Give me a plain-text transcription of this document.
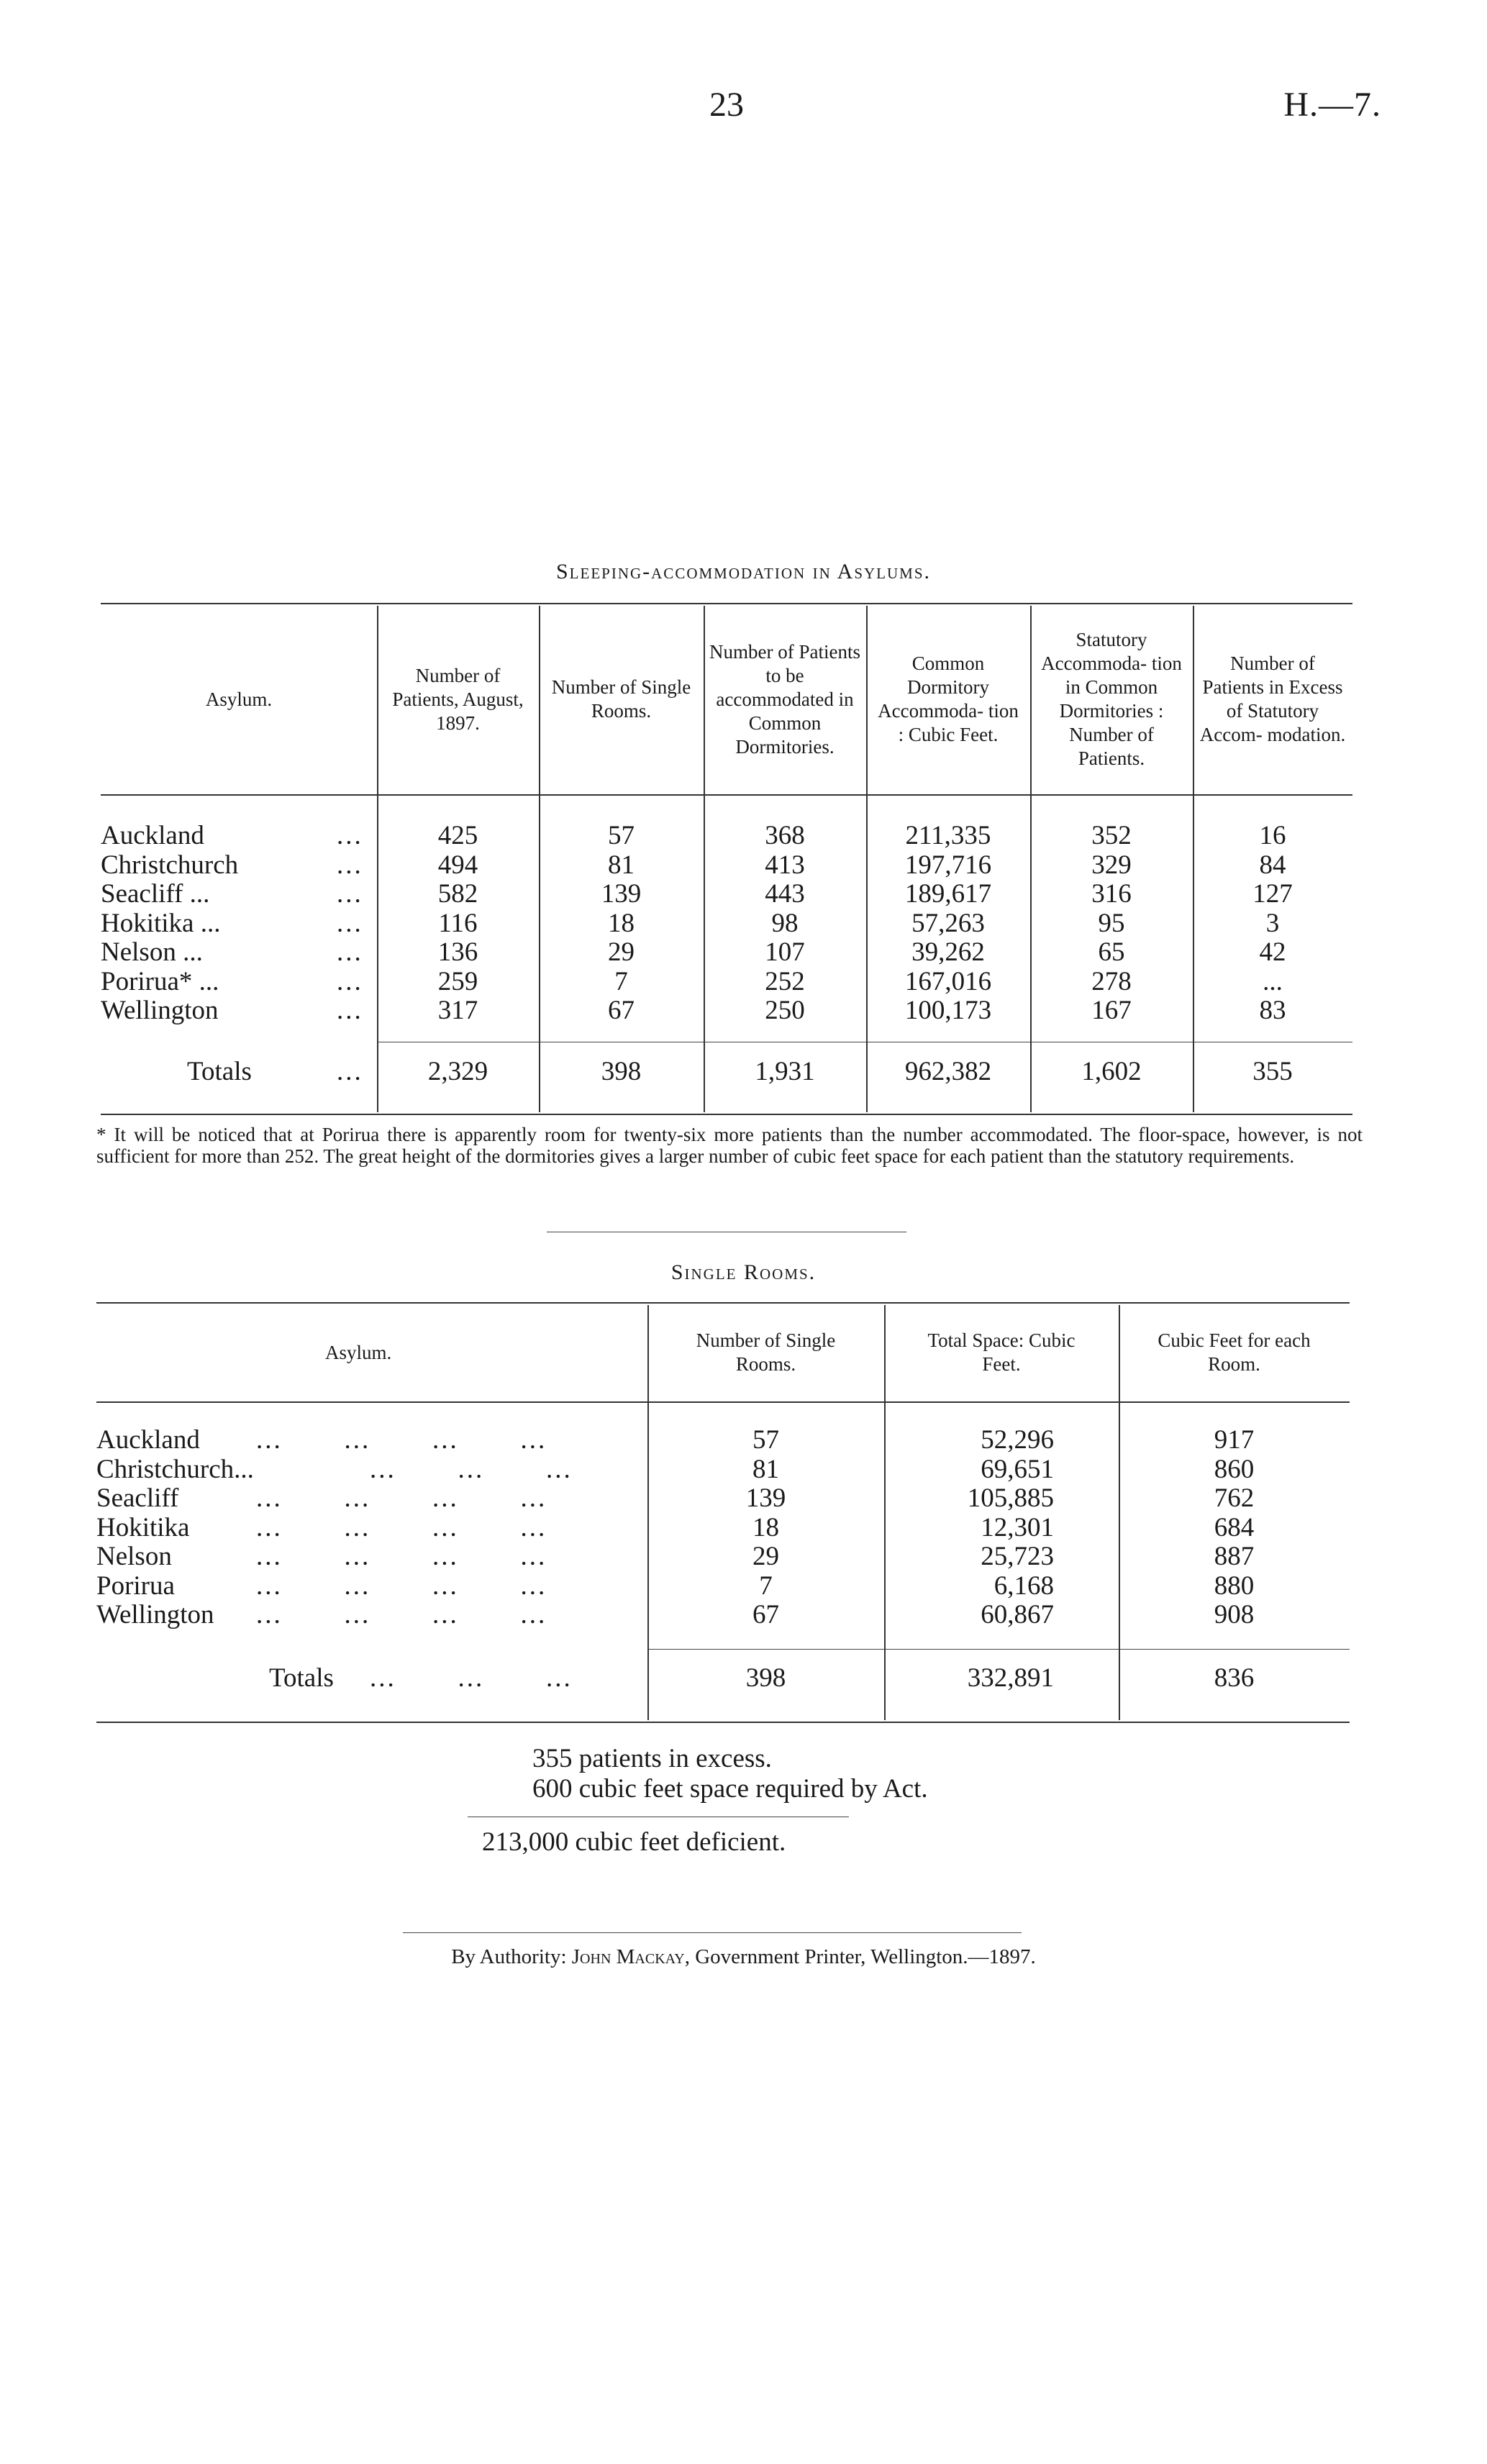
23	H.—7.
Sleeping-accommodation in Asylums.
Asylum.	Number of Patients, August, 1897.	Number of Single Rooms.	Number of Patients to be accommodated in Common Dormitories.	Common Dormitory Accommoda- tion : Cubic Feet.	Statutory Accommoda- tion in Common Dormitories : Number of Patients.	Number of Patients in Excess of Statutory Accom- modation.
Auckland ...	425	57	368	211,335	352	16
Christchurch ...	494	81	413	197,716	329	84
Seacliff ... ...	582	139	443	189,617	316	127
Hokitika ... ...	116	18	98	57,263	95	3
Nelson ... ...	136	29	107	39,262	65	42
Porirua* ... ...	259	7	252	167,016	278	...
Wellington ...	317	67	250	100,173	167	83
Totals	...	2,329	398	1,931	962,382	1,602	355
* It will be noticed that at Porirua there is apparently room for twenty-six more patients than the number accommodated. The floor-space, however, is not sufficient for more than 252. The great height of the dormitories gives a larger number of cubic feet space for each patient than the statutory requirements.
Single Rooms.
Asylum.	Number of Single Rooms.	Total Space: Cubic Feet.	Cubic Feet for each Room.
Auckland ...       ...       ...       ...	57	52,296	917
Christchurch... ...       ...       ...	81	69,651	860
Seacliff ...       ...       ...       ...	139	105,885	762
Hokitika ...       ...       ...       ...	18	12,301	684
Nelson ...       ...       ...       ...	29	25,723	887
Porirua ...       ...       ...       ...	7	6,168	880
Wellington ...       ...       ...       ...	67	60,867	908
Totals ...       ...       ...	398	332,891	836
355 patients in excess.
600 cubic feet space required by Act.
213,000 cubic feet deficient.
By Authority: John Mackay, Government Printer, Wellington.—1897.
